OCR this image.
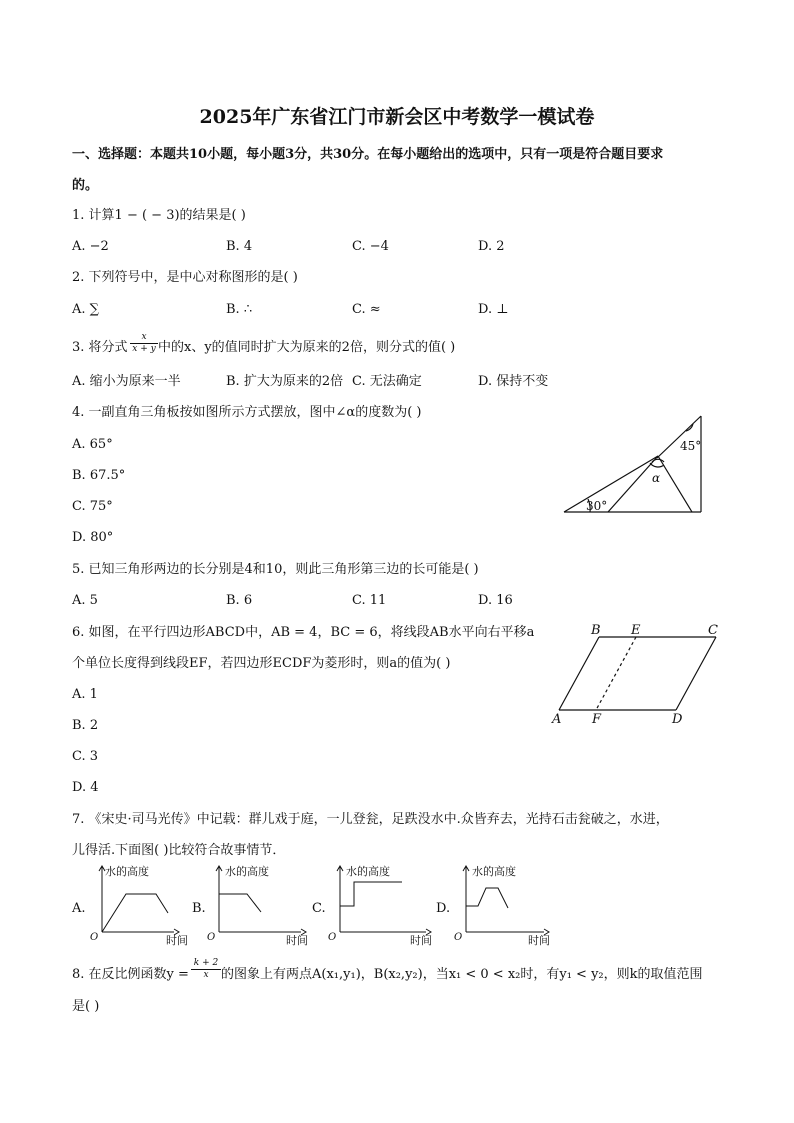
2025年广东省江门市新会区中考数学一模试卷
一、选择题：本题共10小题，每小题3分，共30分。在每小题给出的选项中，只有一项是符合题目要求
的。
1. 计算1 − ( − 3)的结果是( )
A. −2	B. 4	C. −4	D. 2
2. 下列符号中，是中心对称图形的是( )
A. ∑	B. ∴	C. ≈	D. ⊥
3. 将分式 $\frac{x}{x + y}$ 中的x、y的值同时扩大为原来的2倍，则分式的值( )
A. 缩小为原来一半	B. 扩大为原来的2倍 C. 无法确定	D. 保持不变
4. 一副直角三角板按如图所示方式摆放，图中∠α的度数为( )
A. 65°
B. 67.5°
C. 75°
D. 80°
45°
30°
α
5. 已知三角形两边的长分别是4和10，则此三角形第三边的长可能是( )
A. 5	B. 6	C. 11	D. 16
6. 如图，在平行四边形ABCD中，AB = 4，BC = 6，将线段AB水平向右平移a
个单位长度得到线段EF，若四边形ECDF为菱形时，则a的值为( )
A. 1
B. 2
C. 3
D. 4
B E	C
A F	D
7. 《宋史·司马光传》中记载：群儿戏于庭，一儿登瓮，足跌没水中.众皆弃去，光持石击瓮破之，水进，
儿得活.下面图( )比较符合故事情节．
A.	B.	C.	D.
水的高度
O	时间
水的高度
O	时间
水的高度
O	时间
水的高度
O	时间
8. 在反比例函数$y = \frac{k + 2}{x}$ 的图象上有两点A(x₁,y₁)，B(x₂,y₂)，当x₁ < 0 < x₂时，有y₁ < y₂，则k的取值范围
是( )
